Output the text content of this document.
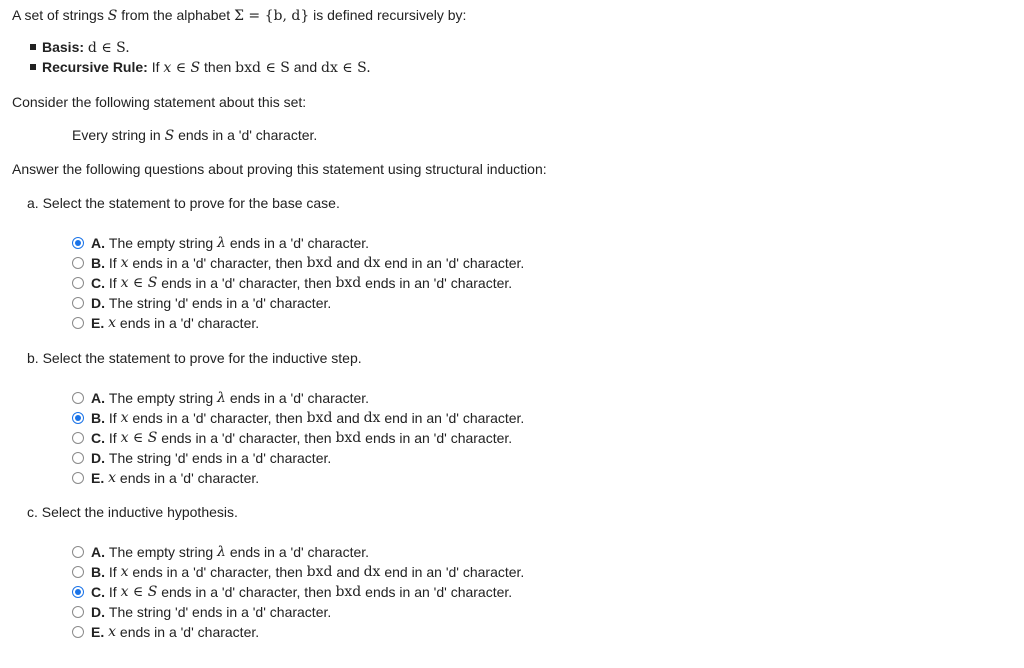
A set of strings S from the alphabet Σ = {b, d} is defined recursively by:
Basis: d ∈ S.
Recursive Rule: If x ∈ S then bxd ∈ S and dx ∈ S.
Consider the following statement about this set:
Every string in S ends in a 'd' character.
Answer the following questions about proving this statement using structural induction:
a. Select the statement to prove for the base case.
A.
The empty string
λ
ends in a 'd' character.
B.
If
x
ends in a 'd' character, then
bxd
and
dx
end in an 'd' character.
C.
If
x ∈ S
ends in a 'd' character, then
bxd
ends in an 'd' character.
D.
The string 'd' ends in a 'd' character.
E.
x
ends in a 'd' character.
b. Select the statement to prove for the inductive step.
A.
The empty string
λ
ends in a 'd' character.
B.
If
x
ends in a 'd' character, then
bxd
and
dx
end in an 'd' character.
C.
If
x ∈ S
ends in a 'd' character, then
bxd
ends in an 'd' character.
D.
The string 'd' ends in a 'd' character.
E.
x
ends in a 'd' character.
c. Select the inductive hypothesis.
A.
The empty string
λ
ends in a 'd' character.
B.
If
x
ends in a 'd' character, then
bxd
and
dx
end in an 'd' character.
C.
If
x ∈ S
ends in a 'd' character, then
bxd
ends in an 'd' character.
D.
The string 'd' ends in a 'd' character.
E.
x
ends in a 'd' character.
